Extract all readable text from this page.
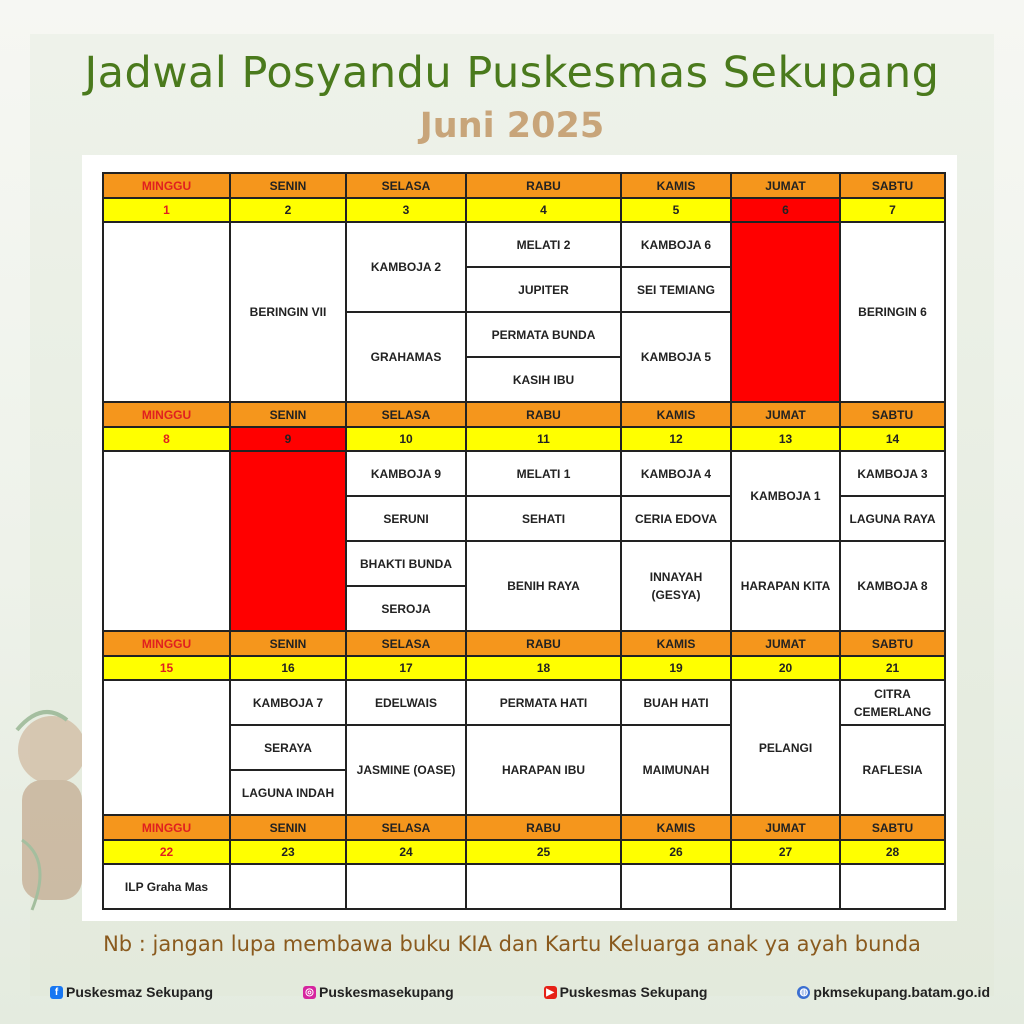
Jadwal Posyandu Puskesmas Sekupang
Juni 2025
MINGGU	SENIN	SELASA	RABU	KAMIS	JUMAT	SABTU
1	2	3	4	5	6	7
	BERINGIN VII	KAMBOJA 2	MELATI 2	KAMBOJA 6		BERINGIN 6
			JUPITER	SEI TEMIANG		
		GRAHAMAS	PERMATA BUNDA	KAMBOJA 5		
			KASIH IBU			
MINGGU	SENIN	SELASA	RABU	KAMIS	JUMAT	SABTU
8	9	10	11	12	13	14
		KAMBOJA 9	MELATI 1	KAMBOJA 4	KAMBOJA 1	KAMBOJA 3
		SERUNI	SEHATI	CERIA EDOVA		LAGUNA RAYA
		BHAKTI BUNDA	BENIH RAYA	INNAYAH
(GESYA)	HARAPAN KITA	KAMBOJA 8
		SEROJA				
MINGGU	SENIN	SELASA	RABU	KAMIS	JUMAT	SABTU
15	16	17	18	19	20	21
	KAMBOJA 7	EDELWAIS	PERMATA HATI	BUAH HATI	PELANGI	CITRA
CEMERLANG
	SERAYA	JASMINE (OASE)	HARAPAN IBU	MAIMUNAH		RAFLESIA
	LAGUNA INDAH					
MINGGU	SENIN	SELASA	RABU	KAMIS	JUMAT	SABTU
22	23	24	25	26	27	28
ILP Graha Mas						
Nb : jangan lupa membawa buku KIA dan Kartu Keluarga anak ya ayah bunda
f Puskesmaz Sekupang	◎ Puskesmasekupang	▶ Puskesmas Sekupang	◍ pkmsekupang.batam.go.id
